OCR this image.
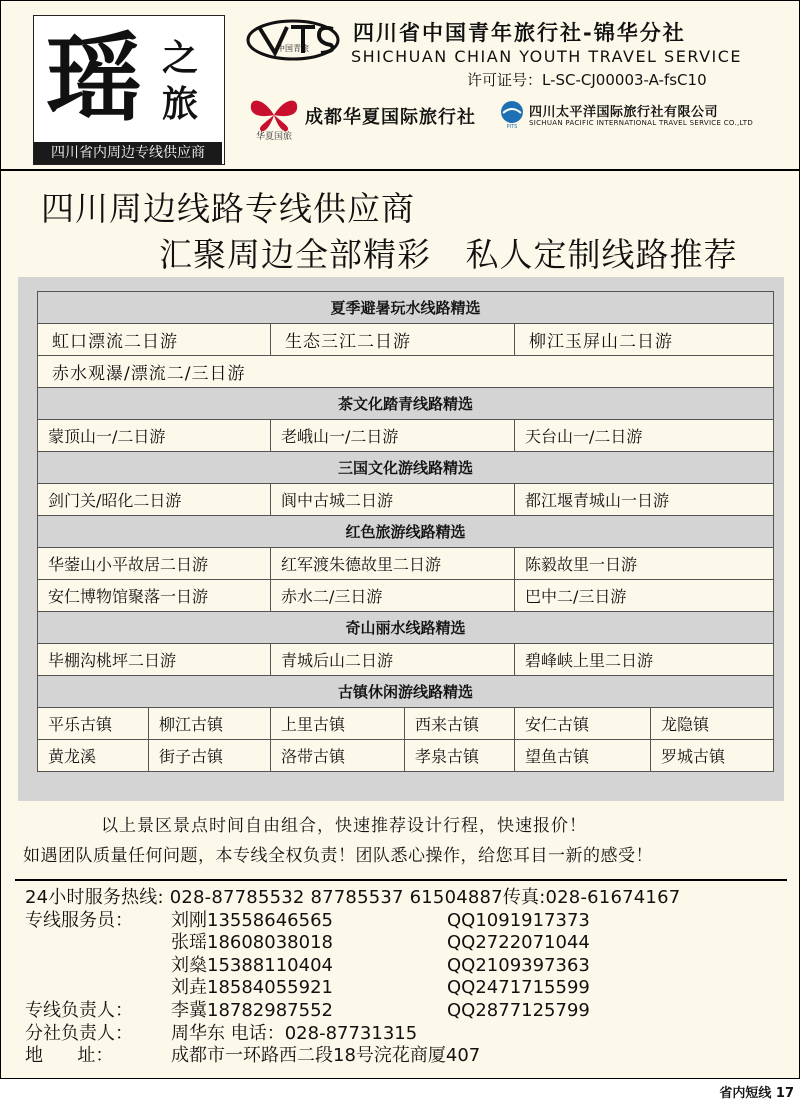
瑶 之
旅
四川省内周边专线供应商
中国青旅
四川省中国青年旅行社-锦华分社
SHICHUAN CHIAN YOUTH TRAVEL SERVICE
许可证号：L-SC-CJ00003-A-fsC10
华夏国旅
成都华夏国际旅行社	PITS
四川太平洋国际旅行社有限公司
SICHUAN PACIFIC INTERNATIONAL TRAVEL SERVICE CO.,LTD
四川周边线路专线供应商
汇聚周边全部精彩   私人定制线路推荐
夏季避暑玩水线路精选					
虹口漂流二日游		生态三江二日游		柳江玉屏山二日游	
赤水观瀑/漂流二/三日游					
茶文化踏青线路精选					
蒙顶山一/二日游		老峨山一/二日游		天台山一/二日游	
三国文化游线路精选					
剑门关/昭化二日游		阆中古城二日游		都江堰青城山一日游	
红色旅游线路精选					
华蓥山小平故居二日游		红军渡朱德故里二日游		陈毅故里一日游	
安仁博物馆聚落一日游		赤水二/三日游		巴中二/三日游	
奇山丽水线路精选					
毕棚沟桃坪二日游		青城后山二日游		碧峰峡上里二日游	
古镇休闲游线路精选					
平乐古镇	柳江古镇	上里古镇	西来古镇	安仁古镇	龙隐镇
黄龙溪	街子古镇	洛带古镇	孝泉古镇	望鱼古镇	罗城古镇
以上景区景点时间自由组合，快速推荐设计行程，快速报价！
如遇团队质量任何问题，本专线全权负责！团队悉心操作，给您耳目一新的感受！
24小时服务热线: 028-87785532 87785537 61504887传真:028-61674167
专线服务员： 刘刚13558646565	QQ1091917373
张瑶18608038018	QQ2722071044
刘燊15388110404	QQ2109397363
刘垚18584055921	QQ2471715599
专线负责人： 李冀18782987552	QQ2877125799
分社负责人： 周华东 电话：028-87731315
地      址：	成都市一环路西二段18号浣花商厦407
省内短线 17
